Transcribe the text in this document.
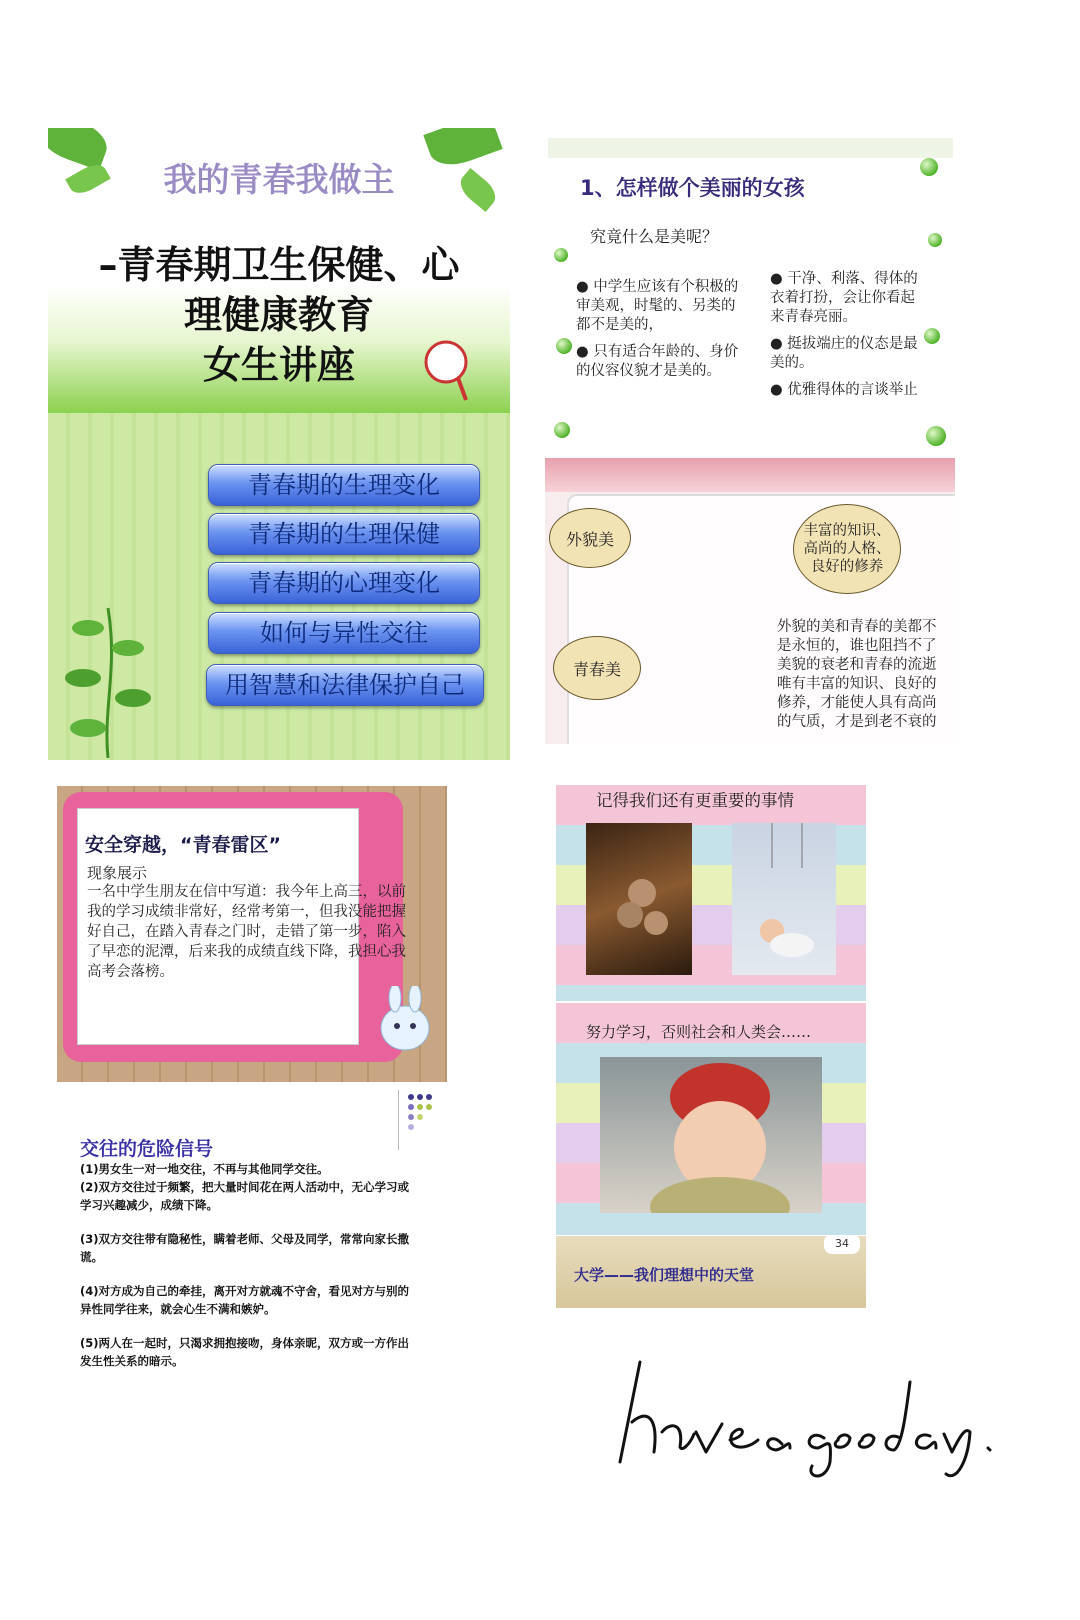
我的青春我做主
–青春期卫生保健、心
理健康教育
女生讲座
青春期的生理变化
青春期的生理保健
青春期的心理变化
如何与异性交往
用智慧和法律保护自己
1、怎样做个美丽的女孩
究竟什么是美呢？
● 中学生应该有个积极的审美观，时髦的、另类的都不是美的，
● 只有适合年龄的、身价的仪容仪貌才是美的。
● 干净、利落、得体的衣着打扮，会让你看起来青春亮丽。
● 挺拔端庄的仪态是最美的。
● 优雅得体的言谈举止
外貌美	丰富的知识、高尚的人格、良好的修养
青春美
外貌的美和青春的美都不是永恒的，谁也阻挡不了美貌的衰老和青春的流逝唯有丰富的知识、良好的修养，才能使人具有高尚的气质，才是到老不衰的
安全穿越，“青春雷区”
现象展示
一名中学生朋友在信中写道：我今年上高三，以前我的学习成绩非常好，经常考第一，但我没能把握好自己，在踏入青春之门时，走错了第一步，陷入了早恋的泥潭，后来我的成绩直线下降，我担心我高考会落榜。
交往的危险信号
(1)男女生一对一地交往，不再与其他同学交往。
(2)双方交往过于频繁，把大量时间花在两人活动中，无心学习或学习兴趣减少，成绩下降。
(3)双方交往带有隐秘性，瞒着老师、父母及同学，常常向家长撒谎。
(4)对方成为自己的牵挂，离开对方就魂不守舍，看见对方与别的异性同学往来，就会心生不满和嫉妒。
(5)两人在一起时，只渴求拥抱接吻，身体亲昵，双方或一方作出发生性关系的暗示。
记得我们还有更重要的事情
努力学习，否则社会和人类会……
34
大学——我们理想中的天堂
